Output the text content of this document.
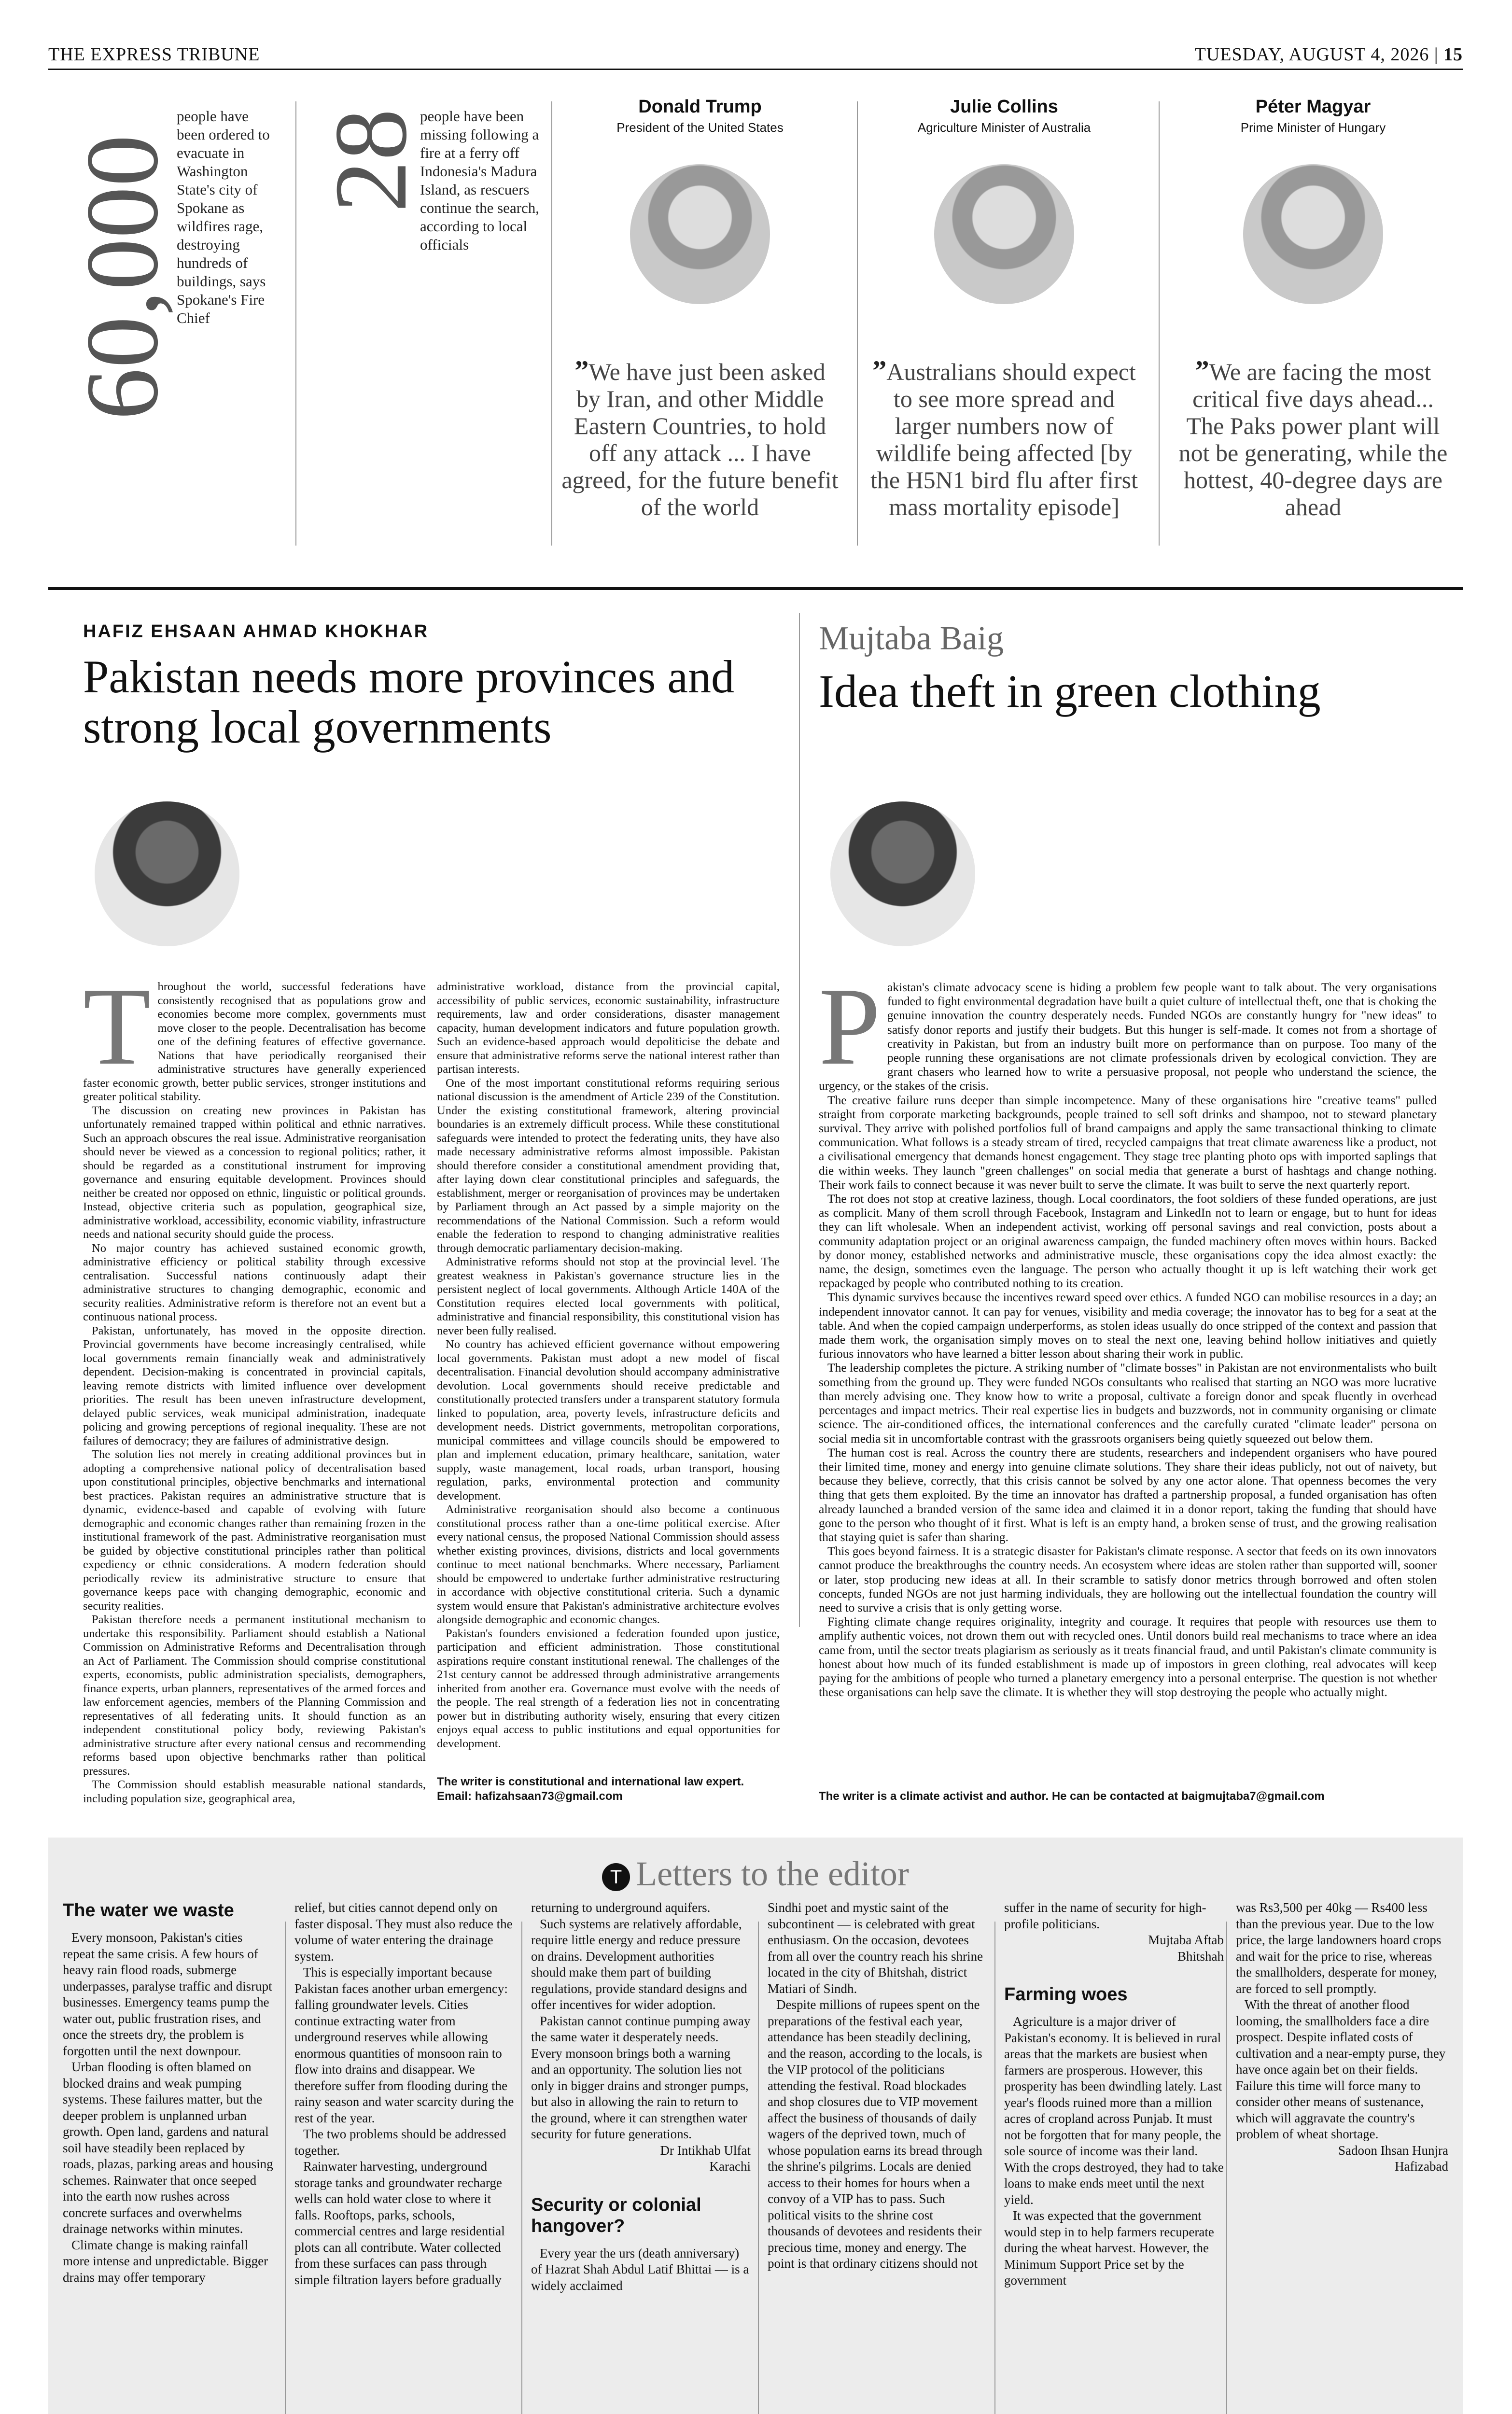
THE EXPRESS TRIBUNE	TUESDAY, AUGUST 4, 2026 | 15
60,000
people have been ordered to evacuate in Washington State's city of Spokane as wildfires rage, destroying hundreds of buildings, says Spokane's Fire Chief
28
people have been missing following a fire at a ferry off Indonesia's Madura Island, as rescuers continue the search, according to local officials
Donald Trump
President of the United States
”We have just been asked by Iran, and other Middle Eastern Countries, to hold off any attack ... I have agreed, for the future benefit of the world
Julie Collins
Agriculture Minister of Australia
”Australians should expect to see more spread and larger numbers now of wildlife being affected [by the H5N1 bird flu after first mass mortality episode]
Péter Magyar
Prime Minister of Hungary
”We are facing the most critical five days ahead... The Paks power plant will not be generating, while the hottest, 40-degree days are ahead
HAFIZ EHSAAN AHMAD KHOKHAR
Pakistan needs more provinces and strong local governments
T hroughout the world, successful federations have consistently recognised that as populations grow and economies become more complex, governments must move closer to the people. Decentralisation has become one of the defining features of effective governance. Nations that have periodically reorganised their administrative structures have generally experienced faster economic growth, better public services, stronger institutions and greater political stability.

The discussion on creating new provinces in Pakistan has unfortunately remained trapped within political and ethnic narratives. Such an approach obscures the real issue. Administrative reorganisation should never be viewed as a concession to regional politics; rather, it should be regarded as a constitutional instrument for improving governance and ensuring equitable development. Provinces should neither be created nor opposed on ethnic, linguistic or political grounds. Instead, objective criteria such as population, geographical size, administrative workload, accessibility, economic viability, infrastructure needs and national security should guide the process.

No major country has achieved sustained economic growth, administrative efficiency or political stability through excessive centralisation. Successful nations continuously adapt their administrative structures to changing demographic, economic and security realities. Administrative reform is therefore not an event but a continuous national process.

Pakistan, unfortunately, has moved in the opposite direction. Provincial governments have become increasingly centralised, while local governments remain financially weak and administratively dependent. Decision-making is concentrated in provincial capitals, leaving remote districts with limited influence over development priorities. The result has been uneven infrastructure development, delayed public services, weak municipal administration, inadequate policing and growing perceptions of regional inequality. These are not failures of democracy; they are failures of administrative design.

The solution lies not merely in creating additional provinces but in adopting a comprehensive national policy of decentralisation based upon constitutional principles, objective benchmarks and international best practices. Pakistan requires an administrative structure that is dynamic, evidence-based and capable of evolving with future demographic and economic changes rather than remaining frozen in the institutional framework of the past. Administrative reorganisation must be guided by objective constitutional principles rather than political expediency or ethnic considerations. A modern federation should periodically review its administrative structure to ensure that governance keeps pace with changing demographic, economic and security realities.

Pakistan therefore needs a permanent institutional mechanism to undertake this responsibility. Parliament should establish a National Commission on Administrative Reforms and Decentralisation through an Act of Parliament. The Commission should comprise constitutional experts, economists, public administration specialists, demographers, finance experts, urban planners, representatives of the armed forces and law enforcement agencies, members of the Planning Commission and representatives of all federating units. It should function as an independent constitutional policy body, reviewing Pakistan's administrative structure after every national census and recommending reforms based upon objective benchmarks rather than political pressures.

The Commission should establish measurable national standards, including population size, geographical area,

administrative workload, distance from the provincial capital, accessibility of public services, economic sustainability, infrastructure requirements, law and order considerations, disaster management capacity, human development indicators and future population growth. Such an evidence-based approach would depoliticise the debate and ensure that administrative reforms serve the national interest rather than partisan interests.

One of the most important constitutional reforms requiring serious national discussion is the amendment of Article 239 of the Constitution. Under the existing constitutional framework, altering provincial boundaries is an extremely difficult process. While these constitutional safeguards were intended to protect the federating units, they have also made necessary administrative reforms almost impossible. Pakistan should therefore consider a constitutional amendment providing that, after laying down clear constitutional principles and safeguards, the establishment, merger or reorganisation of provinces may be undertaken by Parliament through an Act passed by a simple majority on the recommendations of the National Commission. Such a reform would enable the federation to respond to changing administrative realities through democratic parliamentary decision-making.

Administrative reforms should not stop at the provincial level. The greatest weakness in Pakistan's governance structure lies in the persistent neglect of local governments. Although Article 140A of the Constitution requires elected local governments with political, administrative and financial responsibility, this constitutional vision has never been fully realised.

No country has achieved efficient governance without empowering local governments. Pakistan must adopt a new model of fiscal decentralisation. Financial devolution should accompany administrative devolution. Local governments should receive predictable and constitutionally protected transfers under a transparent statutory formula linked to population, area, poverty levels, infrastructure deficits and development needs. District governments, metropolitan corporations, municipal committees and village councils should be empowered to plan and implement education, primary healthcare, sanitation, water supply, waste management, local roads, urban transport, housing regulation, parks, environmental protection and community development.

Administrative reorganisation should also become a continuous constitutional process rather than a one-time political exercise. After every national census, the proposed National Commission should assess whether existing provinces, divisions, districts and local governments continue to meet national benchmarks. Where necessary, Parliament should be empowered to undertake further administrative restructuring in accordance with objective constitutional criteria. Such a dynamic system would ensure that Pakistan's administrative architecture evolves alongside demographic and economic changes.

Pakistan's founders envisioned a federation founded upon justice, participation and efficient administration. Those constitutional aspirations require constant institutional renewal. The challenges of the 21st century cannot be addressed through administrative arrangements inherited from another era. Governance must evolve with the needs of the people. The real strength of a federation lies not in concentrating power but in distributing authority wisely, ensuring that every citizen enjoys equal access to public institutions and equal opportunities for development.

The writer is constitutional and international law expert.
Email: hafizahsaan73@gmail.com
Mujtaba Baig
Idea theft in green clothing
P akistan's climate advocacy scene is hiding a problem few people want to talk about. The very organisations funded to fight environmental degradation have built a quiet culture of intellectual theft, one that is choking the genuine innovation the country desperately needs. Funded NGOs are constantly hungry for "new ideas" to satisfy donor reports and justify their budgets. But this hunger is self-made. It comes not from a shortage of creativity in Pakistan, but from an industry built more on performance than on purpose. Too many of the people running these organisations are not climate professionals driven by ecological conviction. They are grant chasers who learned how to write a persuasive proposal, not people who understand the science, the urgency, or the stakes of the crisis.

The creative failure runs deeper than simple incompetence. Many of these organisations hire "creative teams" pulled straight from corporate marketing backgrounds, people trained to sell soft drinks and shampoo, not to steward planetary survival. They arrive with polished portfolios full of brand campaigns and apply the same transactional thinking to climate communication. What follows is a steady stream of tired, recycled campaigns that treat climate awareness like a product, not a civilisational emergency that demands honest engagement. They stage tree planting photo ops with imported saplings that die within weeks. They launch "green challenges" on social media that generate a burst of hashtags and change nothing. Their work fails to connect because it was never built to serve the climate. It was built to serve the next quarterly report.

The rot does not stop at creative laziness, though. Local coordinators, the foot soldiers of these funded operations, are just as complicit. Many of them scroll through Facebook, Instagram and LinkedIn not to learn or engage, but to hunt for ideas they can lift wholesale. When an independent activist, working off personal savings and real conviction, posts about a community adaptation project or an original awareness campaign, the funded machinery often moves within hours. Backed by donor money, established networks and administrative muscle, these organisations copy the idea almost exactly: the name, the design, sometimes even the language. The person who actually thought it up is left watching their work get repackaged by people who contributed nothing to its creation.

This dynamic survives because the incentives reward speed over ethics. A funded NGO can mobilise resources in a day; an independent innovator cannot. It can pay for venues, visibility and media coverage; the innovator has to beg for a seat at the table. And when the copied campaign underperforms, as stolen ideas usually do once stripped of the context and passion that made them work, the organisation simply moves on to steal the next one, leaving behind hollow initiatives and quietly furious innovators who have learned a bitter lesson about sharing their work in public.

The leadership completes the picture. A striking number of "climate bosses" in Pakistan are not environmentalists who built something from the ground up. They were funded NGOs consultants who realised that starting an NGO was more lucrative than merely advising one. They know how to write a proposal, cultivate a foreign donor and speak fluently in overhead percentages and impact metrics. Their real expertise lies in budgets and buzzwords, not in community organising or climate science. The air-conditioned offices, the international conferences and the carefully curated "climate leader" persona on social media sit in uncomfortable contrast with the grassroots organisers being quietly squeezed out below them.

The human cost is real. Across the country there are students, researchers and independent organisers who have poured their limited time, money and energy into genuine climate solutions. They share their ideas publicly, not out of naivety, but because they believe, correctly, that this crisis cannot be solved by any one actor alone. That openness becomes the very thing that gets them exploited. By the time an innovator has drafted a partnership proposal, a funded organisation has often already launched a branded version of the same idea and claimed it in a donor report, taking the funding that should have gone to the person who thought of it first. What is left is an empty hand, a broken sense of trust, and the growing realisation that staying quiet is safer than sharing.

This goes beyond fairness. It is a strategic disaster for Pakistan's climate response. A sector that feeds on its own innovators cannot produce the breakthroughs the country needs. An ecosystem where ideas are stolen rather than supported will, sooner or later, stop producing new ideas at all. In their scramble to satisfy donor metrics through borrowed and often stolen concepts, funded NGOs are not just harming individuals, they are hollowing out the intellectual foundation the country will need to survive a crisis that is only getting worse.

Fighting climate change requires originality, integrity and courage. It requires that people with resources use them to amplify authentic voices, not drown them out with recycled ones. Until donors build real mechanisms to trace where an idea came from, until the sector treats plagiarism as seriously as it treats financial fraud, and until Pakistan's climate community is honest about how much of its funded establishment is made up of impostors in green clothing, real advocates will keep paying for the ambitions of people who turned a planetary emergency into a personal enterprise. The question is not whether these organisations can help save the climate. It is whether they will stop destroying the people who actually might.

The writer is a climate activist and author. He can be contacted at baigmujtaba7@gmail.com
T Letters to the editor
The water we waste

Every monsoon, Pakistan's cities repeat the same crisis. A few hours of heavy rain flood roads, submerge underpasses, paralyse traffic and disrupt businesses. Emergency teams pump the water out, public frustration rises, and once the streets dry, the problem is forgotten until the next downpour.

Urban flooding is often blamed on blocked drains and weak pumping systems. These failures matter, but the deeper problem is unplanned urban growth. Open land, gardens and natural soil have steadily been replaced by roads, plazas, parking areas and housing schemes. Rainwater that once seeped into the earth now rushes across concrete surfaces and overwhelms drainage networks within minutes.

Climate change is making rainfall more intense and unpredictable. Bigger drains may offer temporary

relief, but cities cannot depend only on faster disposal. They must also reduce the volume of water entering the drainage system.

This is especially important because Pakistan faces another urban emergency: falling groundwater levels. Cities continue extracting water from underground reserves while allowing enormous quantities of monsoon rain to flow into drains and disappear. We therefore suffer from flooding during the rainy season and water scarcity during the rest of the year.

The two problems should be addressed together.

Rainwater harvesting, underground storage tanks and groundwater recharge wells can hold water close to where it falls. Rooftops, parks, schools, commercial centres and large residential plots can all contribute. Water collected from these surfaces can pass through simple filtration layers before gradually

returning to underground aquifers.

Such systems are relatively affordable, require little energy and reduce pressure on drains. Development authorities should make them part of building regulations, provide standard designs and offer incentives for wider adoption.

Pakistan cannot continue pumping away the same water it desperately needs. Every monsoon brings both a warning and an opportunity. The solution lies not only in bigger drains and stronger pumps, but also in allowing the rain to return to the ground, where it can strengthen water security for future generations.

Dr Intikhab Ulfat

Karachi

Security or colonial hangover?

Every year the urs (death anniversary) of Hazrat Shah Abdul Latif Bhittai — is a widely acclaimed

Sindhi poet and mystic saint of the subcontinent — is celebrated with great enthusiasm. On the occasion, devotees from all over the country reach his shrine located in the city of Bhitshah, district Matiari of Sindh.

Despite millions of rupees spent on the preparations of the festival each year, attendance has been steadily declining, and the reason, according to the locals, is the VIP protocol of the politicians attending the festival. Road blockades and shop closures due to VIP movement affect the business of thousands of daily wagers of the deprived town, much of whose population earns its bread through the shrine's pilgrims. Locals are denied access to their homes for hours when a convoy of a VIP has to pass. Such political visits to the shrine cost thousands of devotees and residents their precious time, money and energy. The point is that ordinary citizens should not

suffer in the name of security for high-profile politicians.

Mujtaba Aftab

Bhitshah

Farming woes

Agriculture is a major driver of Pakistan's economy. It is believed in rural areas that the markets are busiest when farmers are prosperous. However, this prosperity has been dwindling lately. Last year's floods ruined more than a million acres of cropland across Punjab. It must not be forgotten that for many people, the sole source of income was their land. With the crops destroyed, they had to take loans to make ends meet until the next yield.

It was expected that the government would step in to help farmers recuperate during the wheat harvest. However, the Minimum Support Price set by the government

was Rs3,500 per 40kg — Rs400 less than the previous year. Due to the low price, the large landowners hoard crops and wait for the price to rise, whereas the smallholders, desperate for money, are forced to sell promptly.

With the threat of another flood looming, the smallholders face a dire prospect. Despite inflated costs of cultivation and a near-empty purse, they have once again bet on their fields. Failure this time will force many to consider other means of sustenance, which will aggravate the country's problem of wheat shortage.

Sadoon Ihsan Hunjra

Hafizabad
